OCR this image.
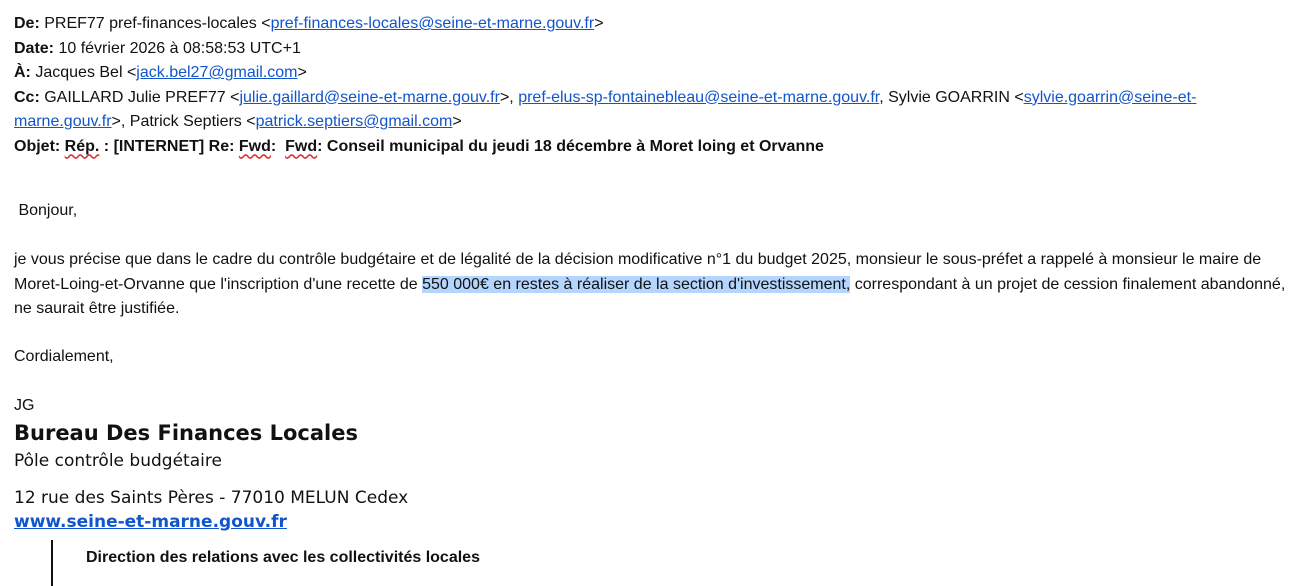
De: PREF77 pref-finances-locales <pref-finances-locales@seine-et-marne.gouv.fr>
Date: 10 février 2026 à 08:58:53 UTC+1
À: Jacques Bel <jack.bel27@gmail.com>
Cc: GAILLARD Julie PREF77 <julie.gaillard@seine-et-marne.gouv.fr>, pref-elus-sp-fontainebleau@seine-et-marne.gouv.fr, Sylvie GOARRIN <sylvie.goarrin@seine-et-
marne.gouv.fr>, Patrick Septiers <patrick.septiers@gmail.com>
Objet: Rép. : [INTERNET] Re: Fwd:  Fwd: Conseil municipal du jeudi 18 décembre à Moret loing et Orvanne
Bonjour,
je vous précise que dans le cadre du contrôle budgétaire et de légalité de la décision modificative n°1 du budget 2025, monsieur le sous-préfet a rappelé à monsieur le maire de Moret-Loing-et-Orvanne que l'inscription d'une recette de 550 000€ en restes à réaliser de la section d'investissement, correspondant à un projet de cession finalement abandonné, ne saurait être justifiée.
Cordialement,
JG
Bureau Des Finances Locales
Pôle contrôle budgétaire
12 rue des Saints Pères - 77010 MELUN Cedex
www.seine-et-marne.gouv.fr
Direction des relations avec les collectivités locales
